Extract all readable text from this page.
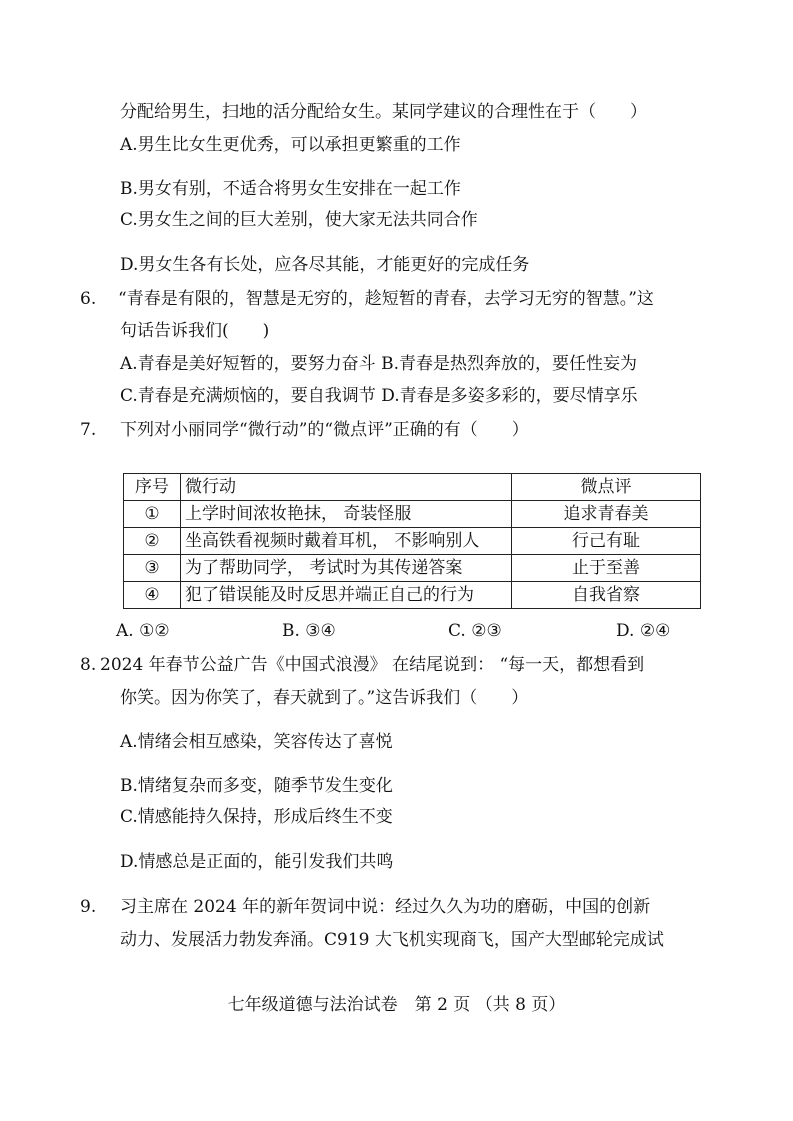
分配给男生，扫地的活分配给女生。某同学建议的合理性在于（　　）
A.男生比女生更优秀，可以承担更繁重的工作
B.男女有别，不适合将男女生安排在一起工作
C.男女生之间的巨大差别，使大家无法共同合作
D.男女生各有长处，应各尽其能，才能更好的完成任务
6. “青春是有限的，智慧是无穷的，趁短暂的青春，去学习无穷的智慧。”这
句话告诉我们(　　)
A.青春是美好短暂的，要努力奋斗 B.青春是热烈奔放的，要任性妄为
C.青春是充满烦恼的，要自我调节 D.青春是多姿多彩的，要尽情享乐
7. 下列对小丽同学“微行动”的“微点评”正确的有（　　）
序号	微行动	微点评
①	上学时间浓妆艳抹， 奇装怪服	追求青春美
②	坐高铁看视频时戴着耳机， 不影响别人	行己有耻
③	为了帮助同学， 考试时为其传递答案	止于至善
④	犯了错误能及时反思并端正自己的行为	自我省察
A. ①②	B. ③④	C. ②③	D. ②④
8. 2024 年春节公益广告《中国式浪漫》 在结尾说到： “每一天，都想看到
你笑。因为你笑了，春天就到了。”这告诉我们（　　）
A.情绪会相互感染，笑容传达了喜悦
B.情绪复杂而多变，随季节发生变化
C.情感能持久保持，形成后终生不变
D.情感总是正面的，能引发我们共鸣
9. 习主席在 2024 年的新年贺词中说：经过久久为功的磨砺，中国的创新
动力、发展活力勃发奔涌。C919 大飞机实现商飞，国产大型邮轮完成试
七年级道德与法治试卷　第 2 页 （共 8 页）
